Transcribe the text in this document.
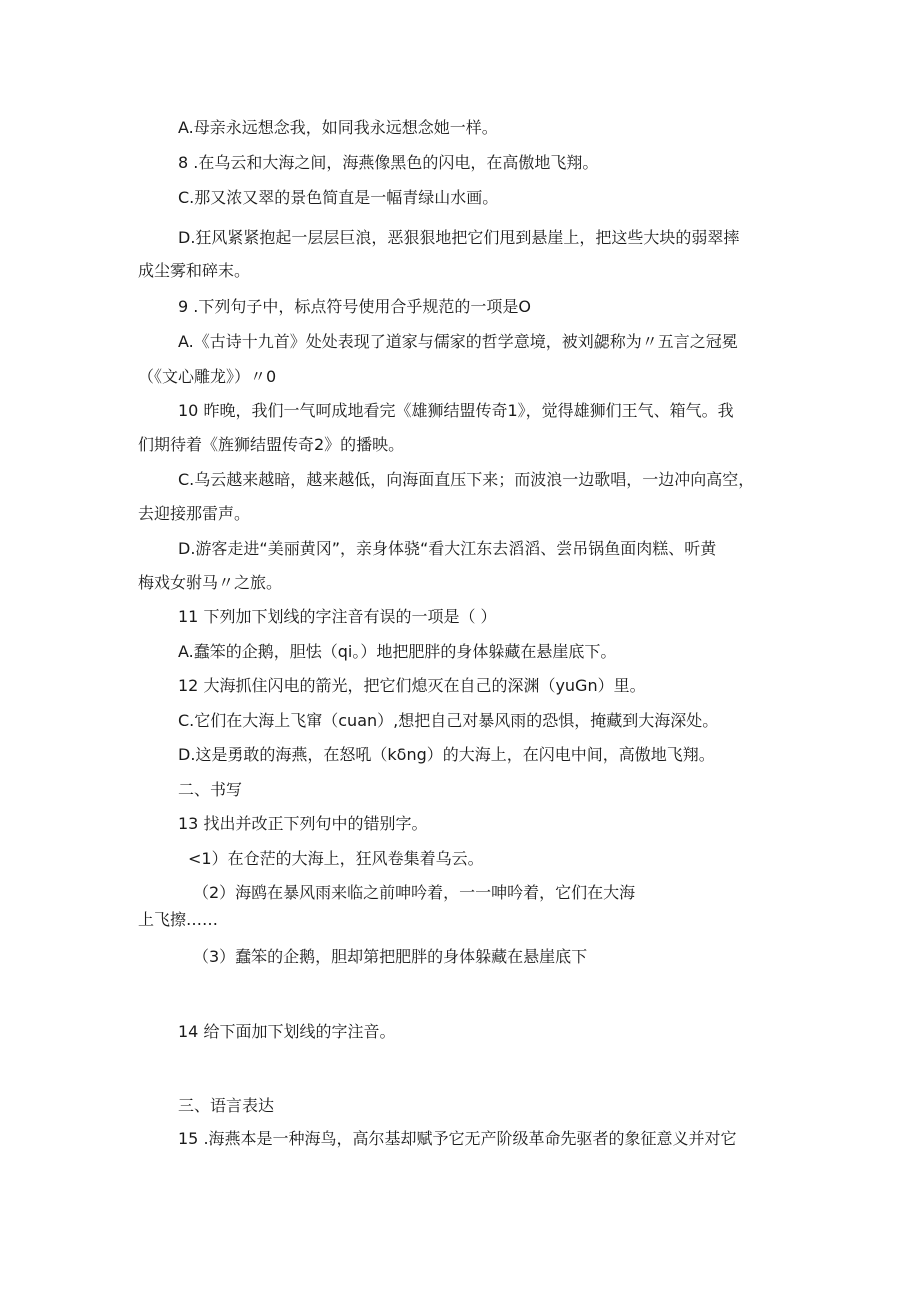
A.母亲永远想念我，如同我永远想念她一样。
8 .在乌云和大海之间，海燕像黑色的闪电，在高傲地飞翔。
C.那又浓又翠的景色简直是一幅青绿山水画。
D.狂风紧紧抱起一层层巨浪，恶狠狠地把它们甩到悬崖上，把这些大块的弱翠摔
成尘雾和碎末。
9 .下列句子中，标点符号使用合乎规范的一项是O
A.《古诗十九首》处处表现了道家与儒家的哲学意境，被刘勰称为〃五言之冠冕
（《文心雕龙》）〃0
10 昨晚，我们一气呵成地看完《雄狮结盟传奇1》，觉得雄狮们王气、箱气。我
们期待着《旌狮结盟传奇2》的播映。
C.乌云越来越暗，越来越低，向海面直压下来；而波浪一边歌唱，一边冲向高空，
去迎接那雷声。
D.游客走进“美丽黄冈”，亲身体骁“看大江东去滔滔、尝吊锅鱼面肉糕、听黄
梅戏女驸马〃之旅。
11 下列加下划线的字注音有误的一项是（ ）
A.蠢笨的企鹅，胆怯（qi。）地把肥胖的身体躲藏在悬崖底下。
12 大海抓住闪电的箭光，把它们熄灭在自己的深渊（yuGn）里。
C.它们在大海上飞窜（cuan）,想把自己对暴风雨的恐惧，掩藏到大海深处。
D.这是勇敢的海燕，在怒吼（kδng）的大海上，在闪电中间，高傲地飞翔。
二、书写
13 找出并改正下列句中的错别字。
<1）在仓茫的大海上，狂风卷集着乌云。
（2）海鸥在暴风雨来临之前呻吟着，一一呻吟着，它们在大海
上飞擦……
（3）蠢笨的企鹅，胆却第把肥胖的身体躲藏在悬崖底下
14 给下面加下划线的字注音。
三、语言表达
15 .海燕本是一种海鸟，高尔基却赋予它无产阶级革命先驱者的象征意义并对它
